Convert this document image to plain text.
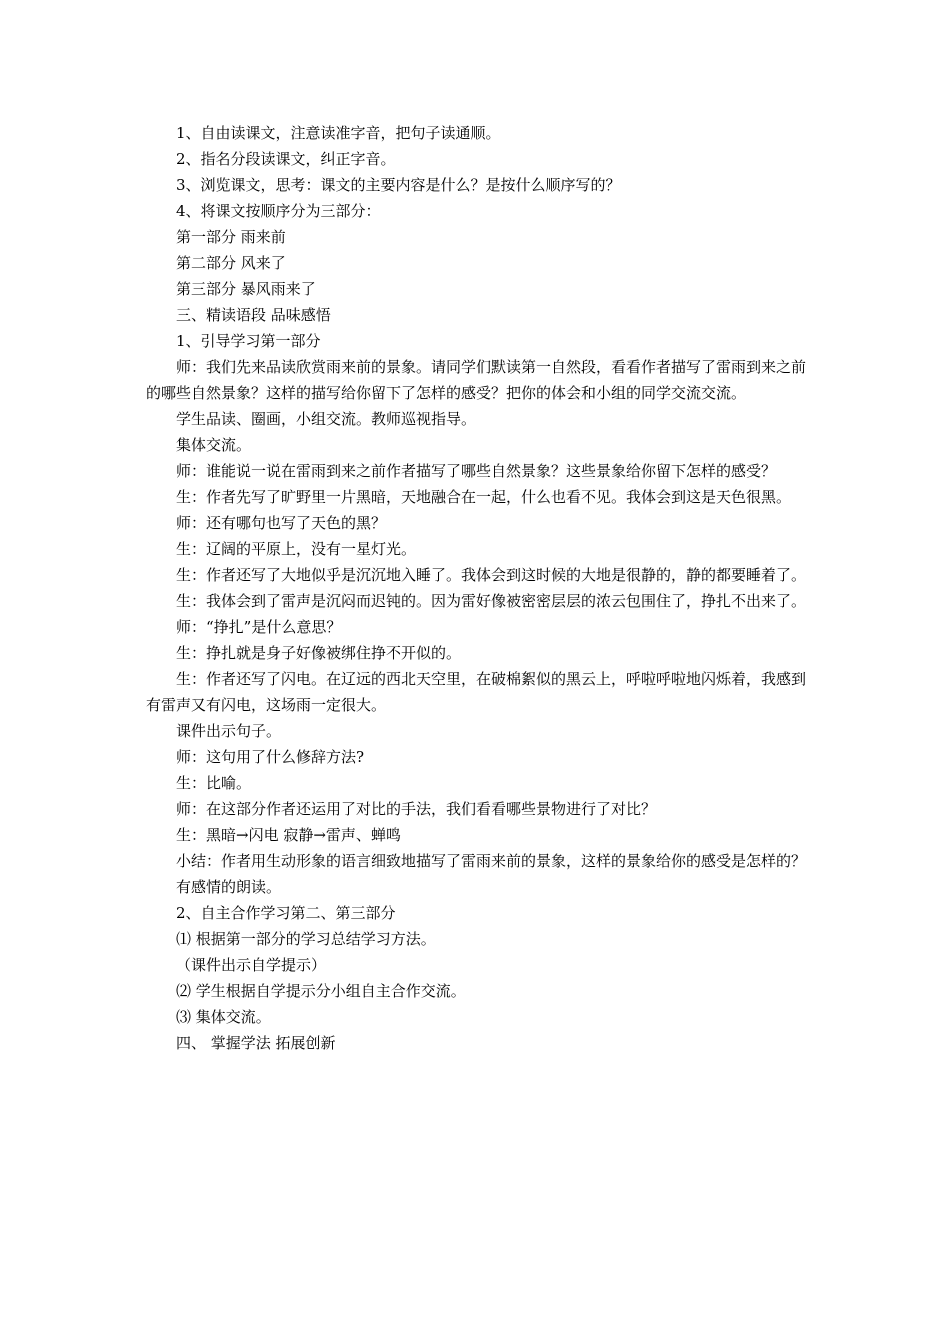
1、自由读课文，注意读准字音，把句子读通顺。

2、指名分段读课文，纠正字音。

3、浏览课文，思考：课文的主要内容是什么？是按什么顺序写的？

4、将课文按顺序分为三部分：

第一部分 雨来前

第二部分 风来了

第三部分 暴风雨来了

三、精读语段 品味感悟

1、引导学习第一部分

师：我们先来品读欣赏雨来前的景象。请同学们默读第一自然段，看看作者描写了雷雨到来之前的哪些自然景象？这样的描写给你留下了怎样的感受？把你的体会和小组的同学交流交流。

学生品读、圈画，小组交流。教师巡视指导。

集体交流。

师：谁能说一说在雷雨到来之前作者描写了哪些自然景象？这些景象给你留下怎样的感受？

生：作者先写了旷野里一片黑暗，天地融合在一起，什么也看不见。我体会到这是天色很黑。

师：还有哪句也写了天色的黑？

生：辽阔的平原上，没有一星灯光。

生：作者还写了大地似乎是沉沉地入睡了。我体会到这时候的大地是很静的，静的都要睡着了。

生：我体会到了雷声是沉闷而迟钝的。因为雷好像被密密层层的浓云包围住了，挣扎不出来了。

师：“挣扎”是什么意思？

生：挣扎就是身子好像被绑住挣不开似的。

生：作者还写了闪电。在辽远的西北天空里，在破棉絮似的黑云上，呼啦呼啦地闪烁着，我感到有雷声又有闪电，这场雨一定很大。

课件出示句子。

师：这句用了什么修辞方法?

生：比喻。

师：在这部分作者还运用了对比的手法，我们看看哪些景物进行了对比？

生：黑暗→闪电 寂静→雷声、蝉鸣

小结：作者用生动形象的语言细致地描写了雷雨来前的景象，这样的景象给你的感受是怎样的？

有感情的朗读。

2、自主合作学习第二、第三部分

⑴ 根据第一部分的学习总结学习方法。

（课件出示自学提示）

⑵ 学生根据自学提示分小组自主合作交流。

⑶ 集体交流。

四、 掌握学法 拓展创新
